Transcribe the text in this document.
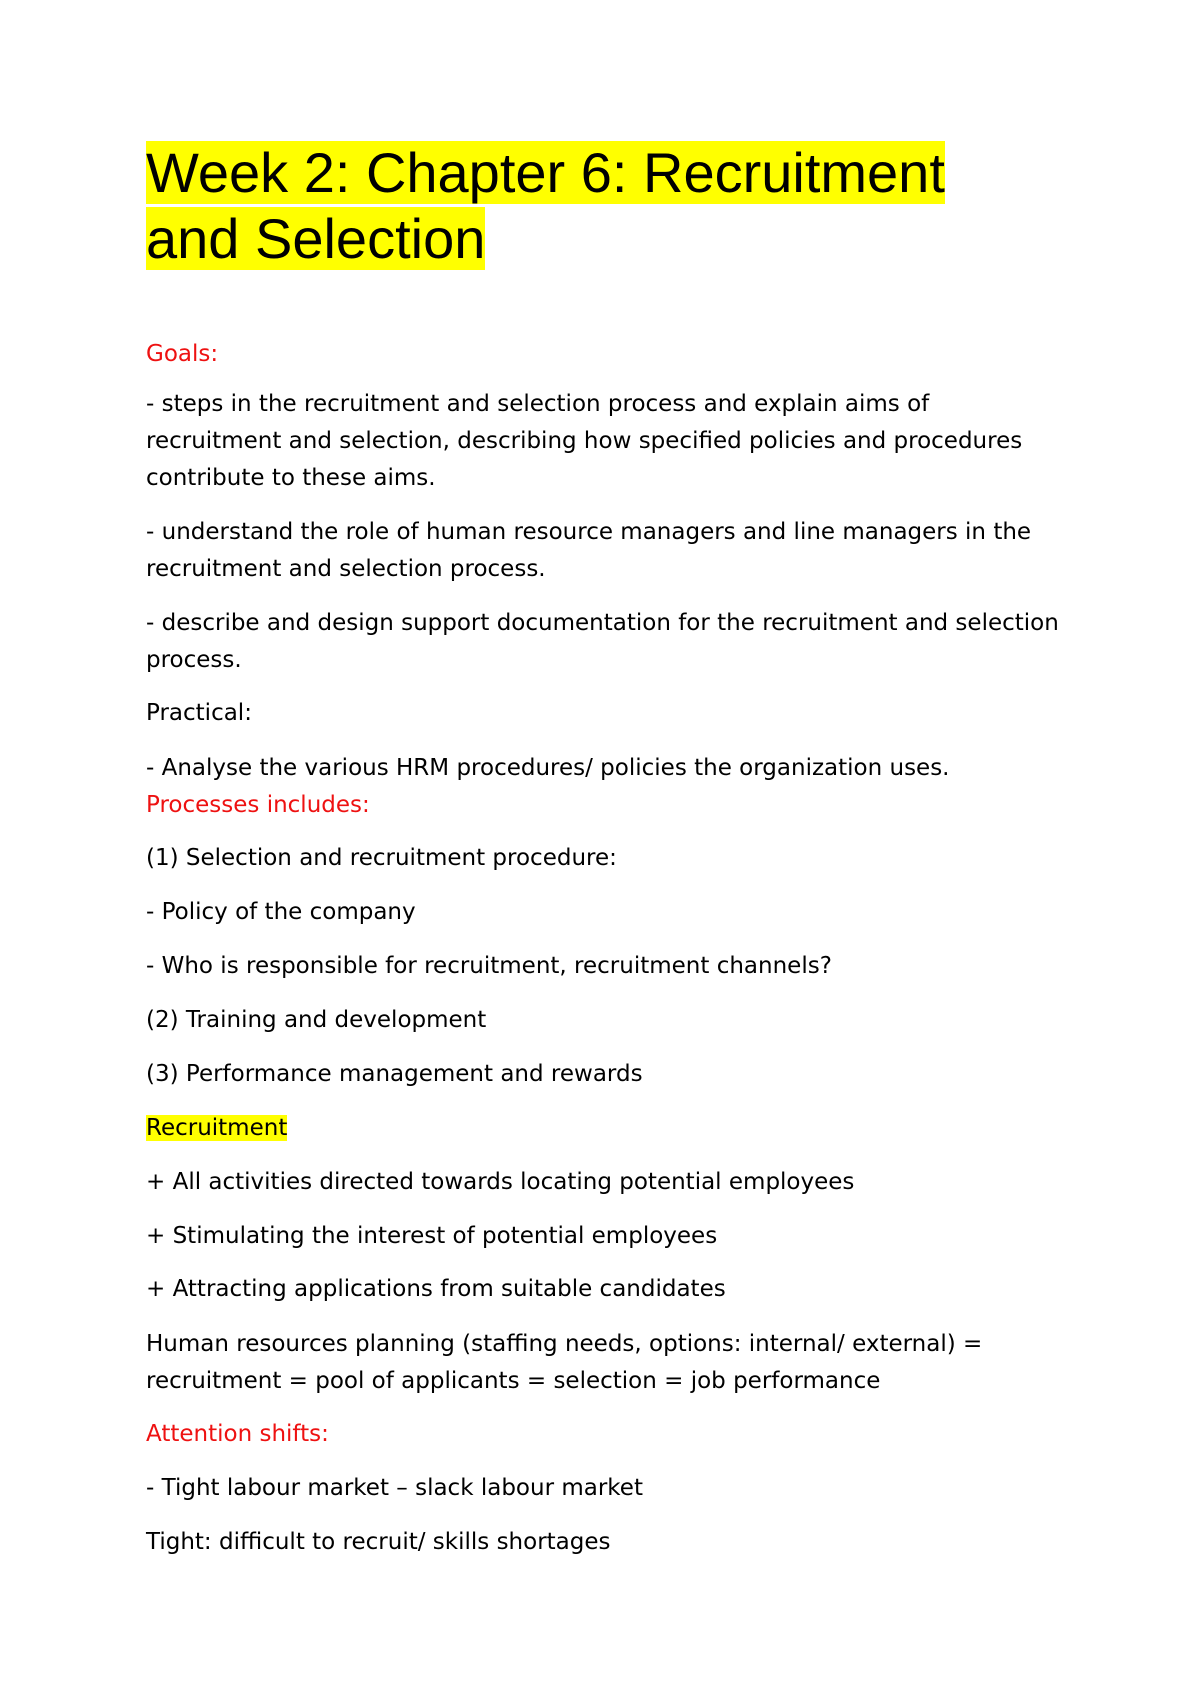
Week 2: Chapter 6: Recruitment
and Selection

Goals:

- steps in the recruitment and selection process and explain aims of

recruitment and selection, describing how specified policies and procedures

contribute to these aims.

- understand the role of human resource managers and line managers in the

recruitment and selection process.

- describe and design support documentation for the recruitment and selection

process.

Practical:

- Analyse the various HRM procedures/ policies the organization uses.

Processes includes:

(1) Selection and recruitment procedure:

- Policy of the company

- Who is responsible for recruitment, recruitment channels?

(2) Training and development

(3) Performance management and rewards

Recruitment

+ All activities directed towards locating potential employees

+ Stimulating the interest of potential employees

+ Attracting applications from suitable candidates

Human resources planning (staffing needs, options: internal/ external) =

recruitment = pool of applicants = selection = job performance

Attention shifts:

- Tight labour market – slack labour market

Tight: difficult to recruit/ skills shortages
